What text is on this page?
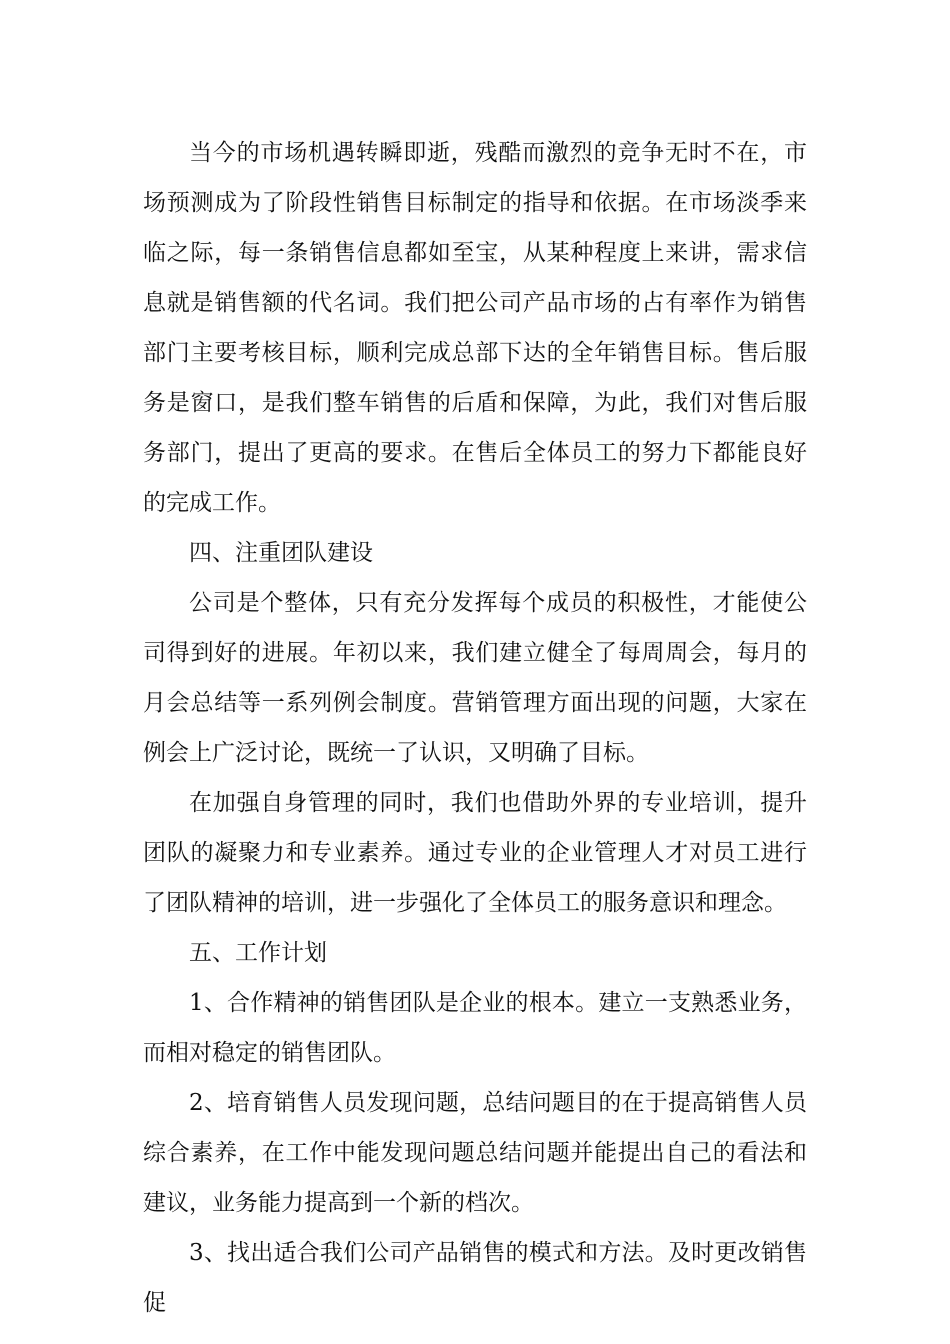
当今的市场机遇转瞬即逝，残酷而激烈的竞争无时不在，市场预测成为了阶段性销售目标制定的指导和依据。在市场淡季来临之际，每一条销售信息都如至宝，从某种程度上来讲，需求信息就是销售额的代名词。我们把公司产品市场的占有率作为销售部门主要考核目标，顺利完成总部下达的全年销售目标。售后服务是窗口，是我们整车销售的后盾和保障，为此，我们对售后服务部门，提出了更高的要求。在售后全体员工的努力下都能良好的完成工作。

四、注重团队建设

公司是个整体，只有充分发挥每个成员的积极性，才能使公司得到好的进展。年初以来，我们建立健全了每周周会，每月的月会总结等一系列例会制度。营销管理方面出现的问题，大家在例会上广泛讨论，既统一了认识，又明确了目标。

在加强自身管理的同时，我们也借助外界的专业培训，提升团队的凝聚力和专业素养。通过专业的企业管理人才对员工进行了团队精神的培训，进一步强化了全体员工的服务意识和理念。

五、工作计划

1、合作精神的销售团队是企业的根本。建立一支熟悉业务，而相对稳定的销售团队。

2、培育销售人员发现问题，总结问题目的在于提高销售人员综合素养，在工作中能发现问题总结问题并能提出自己的看法和建议，业务能力提高到一个新的档次。

3、找出适合我们公司产品销售的模式和方法。及时更改销售促
